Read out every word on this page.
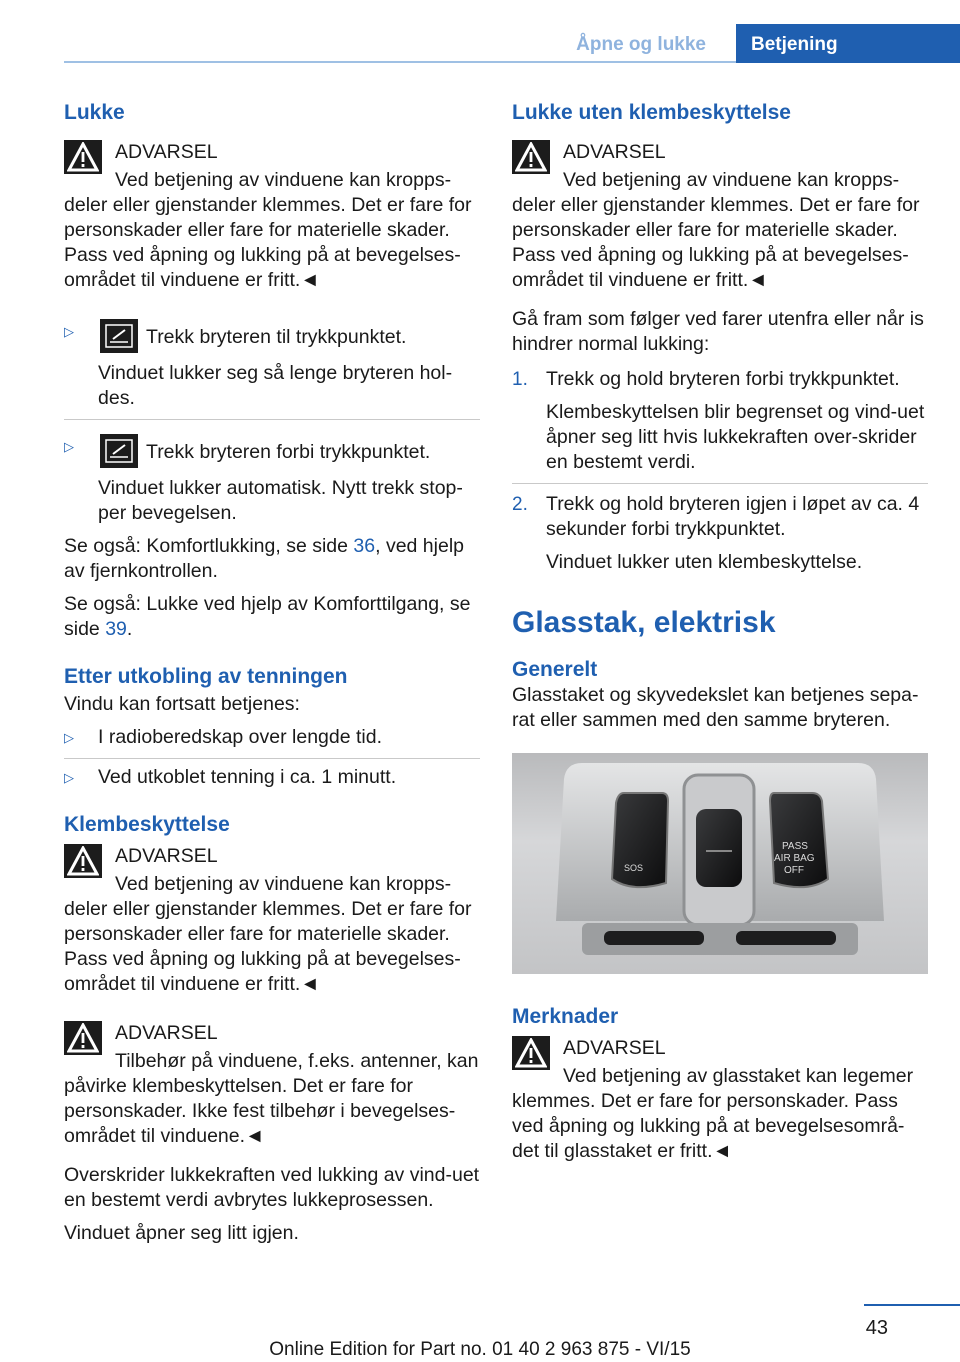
Åpne og lukke	Betjening
Lukke
ADVARSEL
Ved betjening av vinduene kan kropps-deler eller gjenstander klemmes. Det er fare for personskader eller fare for materielle skader. Pass ved åpning og lukking på at bevegelses-området til vinduene er fritt.◄
▷	Trekk bryteren til trykkpunktet.

Vinduet lukker seg så lenge bryteren hol-des.

▷	Trekk bryteren forbi trykkpunktet.

Vinduet lukker automatisk. Nytt trekk stop-per bevegelsen.

Se også: Komfortlukking, se side 36, ved hjelp av fjernkontrollen.

Se også: Lukke ved hjelp av Komforttilgang, se side 39.

Etter utkobling av tenningen

Vindu kan fortsatt betjenes:

▷ I radioberedskap over lengde tid.
▷ Ved utkoblet tenning i ca. 1 minutt.
Klembeskyttelse
ADVARSEL
Ved betjening av vinduene kan kropps-deler eller gjenstander klemmes. Det er fare for personskader eller fare for materielle skader. Pass ved åpning og lukking på at bevegelses-området til vinduene er fritt.◄
ADVARSEL
Tilbehør på vinduene, f.eks. antenner, kan påvirke klembeskyttelsen. Det er fare for personskader. Ikke fest tilbehør i bevegelses-området til vinduene.◄

Overskrider lukkekraften ved lukking av vind-uet en bestemt verdi avbrytes lukkeprosessen.

Vinduet åpner seg litt igjen.

Lukke uten klembeskyttelse
ADVARSEL
Ved betjening av vinduene kan kropps-deler eller gjenstander klemmes. Det er fare for personskader eller fare for materielle skader. Pass ved åpning og lukking på at bevegelses-området til vinduene er fritt.◄

Gå fram som følger ved farer utenfra eller når is hindrer normal lukking:

1. Trekk og hold bryteren forbi trykkpunktet.

Klembeskyttelsen blir begrenset og vind-uet åpner seg litt hvis lukkekraften over-skrider en bestemt verdi.

2. Trekk og hold bryteren igjen i løpet av ca. 4 sekunder forbi trykkpunktet.

Vinduet lukker uten klembeskyttelse.

Glasstak, elektrisk
Generelt

Glasstaket og skyvedekslet kan betjenes sepa-rat eller sammen med den samme bryteren.

SOS
PASS
AIR BAG
OFF
Merknader
ADVARSEL
Ved betjening av glasstaket kan legemer klemmes. Det er fare for personskader. Pass ved åpning og lukking på at bevegelsesområ-det til glasstaket er fritt.◄
43
Online Edition for Part no. 01 40 2 963 875 - VI/15
